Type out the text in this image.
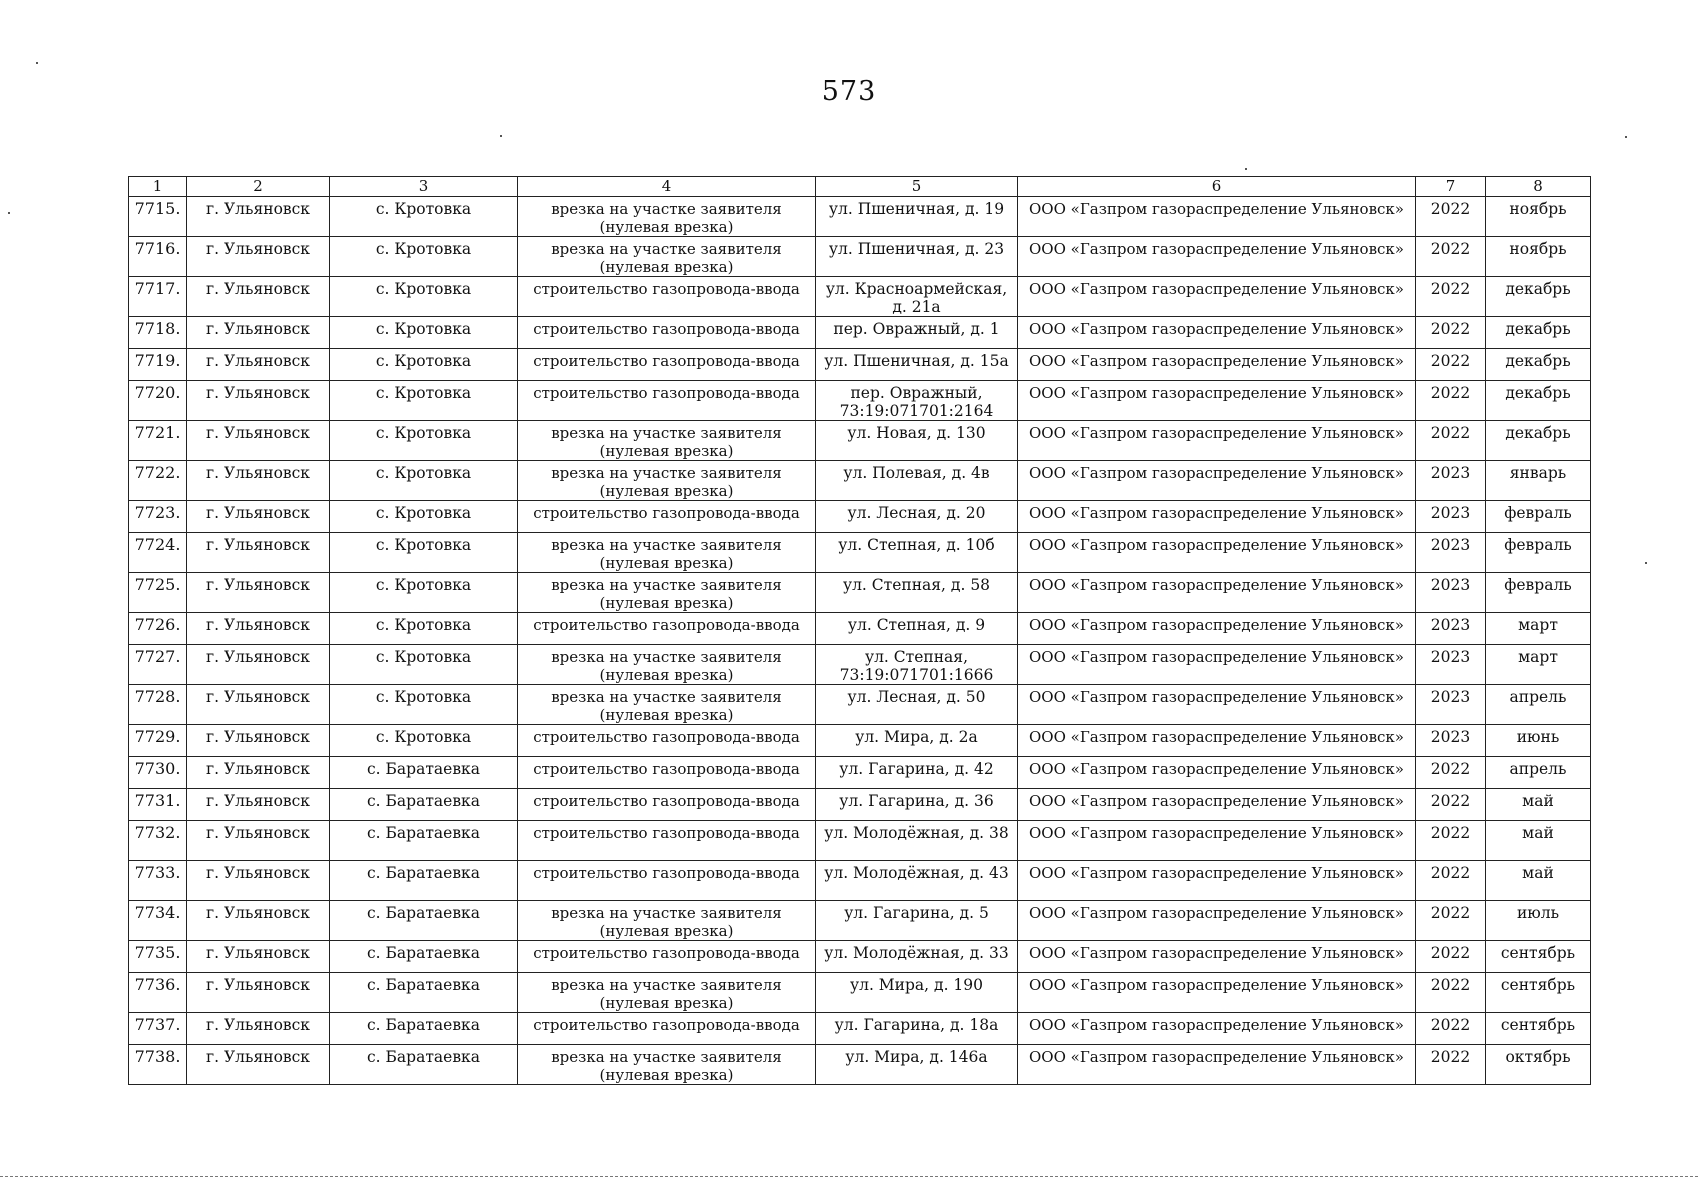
573
1	2	3	4	5	6	7	8
7715.	г. Ульяновск	с. Кротовка	врезка на участке заявителя (нулевая врезка)	ул. Пшеничная, д. 19	ООО «Газпром газораспределение Ульяновск»	2022	ноябрь
7716.	г. Ульяновск	с. Кротовка	врезка на участке заявителя (нулевая врезка)	ул. Пшеничная, д. 23	ООО «Газпром газораспределение Ульяновск»	2022	ноябрь
7717.	г. Ульяновск	с. Кротовка	строительство газопровода-ввода	ул. Красноармейская, д. 21а	ООО «Газпром газораспределение Ульяновск»	2022	декабрь
7718.	г. Ульяновск	с. Кротовка	строительство газопровода-ввода	пер. Овражный, д. 1	ООО «Газпром газораспределение Ульяновск»	2022	декабрь
7719.	г. Ульяновск	с. Кротовка	строительство газопровода-ввода	ул. Пшеничная, д. 15а	ООО «Газпром газораспределение Ульяновск»	2022	декабрь
7720.	г. Ульяновск	с. Кротовка	строительство газопровода-ввода	пер. Овражный, 73:19:071701:2164	ООО «Газпром газораспределение Ульяновск»	2022	декабрь
7721.	г. Ульяновск	с. Кротовка	врезка на участке заявителя (нулевая врезка)	ул. Новая, д. 130	ООО «Газпром газораспределение Ульяновск»	2022	декабрь
7722.	г. Ульяновск	с. Кротовка	врезка на участке заявителя (нулевая врезка)	ул. Полевая, д. 4в	ООО «Газпром газораспределение Ульяновск»	2023	январь
7723.	г. Ульяновск	с. Кротовка	строительство газопровода-ввода	ул. Лесная, д. 20	ООО «Газпром газораспределение Ульяновск»	2023	февраль
7724.	г. Ульяновск	с. Кротовка	врезка на участке заявителя (нулевая врезка)	ул. Степная, д. 10б	ООО «Газпром газораспределение Ульяновск»	2023	февраль
7725.	г. Ульяновск	с. Кротовка	врезка на участке заявителя (нулевая врезка)	ул. Степная, д. 58	ООО «Газпром газораспределение Ульяновск»	2023	февраль
7726.	г. Ульяновск	с. Кротовка	строительство газопровода-ввода	ул. Степная, д. 9	ООО «Газпром газораспределение Ульяновск»	2023	март
7727.	г. Ульяновск	с. Кротовка	врезка на участке заявителя (нулевая врезка)	ул. Степная, 73:19:071701:1666	ООО «Газпром газораспределение Ульяновск»	2023	март
7728.	г. Ульяновск	с. Кротовка	врезка на участке заявителя (нулевая врезка)	ул. Лесная, д. 50	ООО «Газпром газораспределение Ульяновск»	2023	апрель
7729.	г. Ульяновск	с. Кротовка	строительство газопровода-ввода	ул. Мира, д. 2а	ООО «Газпром газораспределение Ульяновск»	2023	июнь
7730.	г. Ульяновск	с. Баратаевка	строительство газопровода-ввода	ул. Гагарина, д. 42	ООО «Газпром газораспределение Ульяновск»	2022	апрель
7731.	г. Ульяновск	с. Баратаевка	строительство газопровода-ввода	ул. Гагарина, д. 36	ООО «Газпром газораспределение Ульяновск»	2022	май
7732.	г. Ульяновск	с. Баратаевка	строительство газопровода-ввода	ул. Молодёжная, д. 38	ООО «Газпром газораспределение Ульяновск»	2022	май
7733.	г. Ульяновск	с. Баратаевка	строительство газопровода-ввода	ул. Молодёжная, д. 43	ООО «Газпром газораспределение Ульяновск»	2022	май
7734.	г. Ульяновск	с. Баратаевка	врезка на участке заявителя (нулевая врезка)	ул. Гагарина, д. 5	ООО «Газпром газораспределение Ульяновск»	2022	июль
7735.	г. Ульяновск	с. Баратаевка	строительство газопровода-ввода	ул. Молодёжная, д. 33	ООО «Газпром газораспределение Ульяновск»	2022	сентябрь
7736.	г. Ульяновск	с. Баратаевка	врезка на участке заявителя (нулевая врезка)	ул. Мира, д. 190	ООО «Газпром газораспределение Ульяновск»	2022	сентябрь
7737.	г. Ульяновск	с. Баратаевка	строительство газопровода-ввода	ул. Гагарина, д. 18а	ООО «Газпром газораспределение Ульяновск»	2022	сентябрь
7738.	г. Ульяновск	с. Баратаевка	врезка на участке заявителя (нулевая врезка)	ул. Мира, д. 146а	ООО «Газпром газораспределение Ульяновск»	2022	октябрь
